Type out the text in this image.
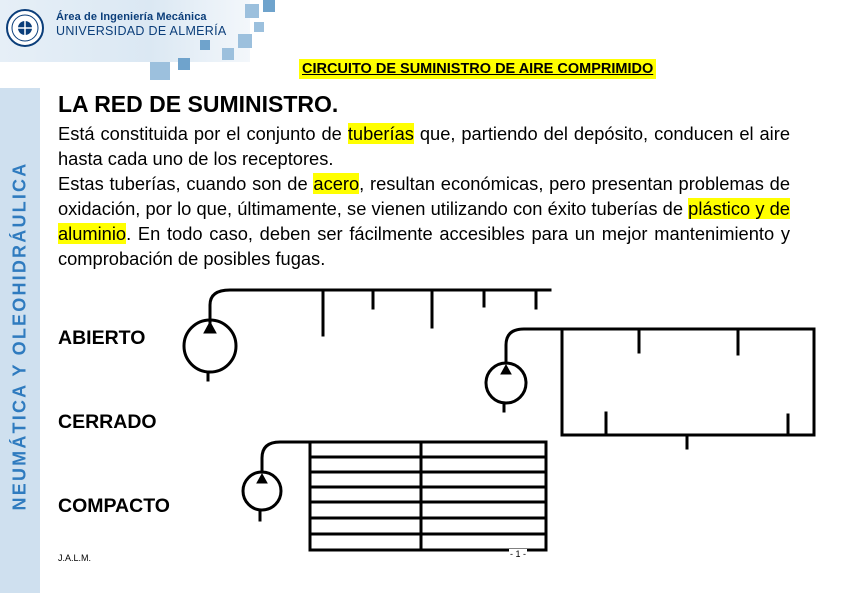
Área de Ingeniería Mecánica
UNIVERSIDAD DE ALMERÍA
CIRCUITO DE SUMINISTRO DE AIRE COMPRIMIDO
NEUMÁTICA Y OLEOHIDRÁULICA
LA RED DE SUMINISTRO.
Está constituida por el conjunto de tuberías que, partiendo del depósito, conducen el aire hasta cada uno de los receptores.
Estas tuberías, cuando son de acero, resultan económicas, pero presentan problemas de oxidación, por lo que, últimamente, se vienen utilizando con éxito tuberías de plástico y de aluminio. En todo caso, deben ser fácilmente accesibles para un mejor mantenimiento y comprobación de posibles fugas.
ABIERTO
CERRADO
COMPACTO
J.A.L.M.	- 1 -
